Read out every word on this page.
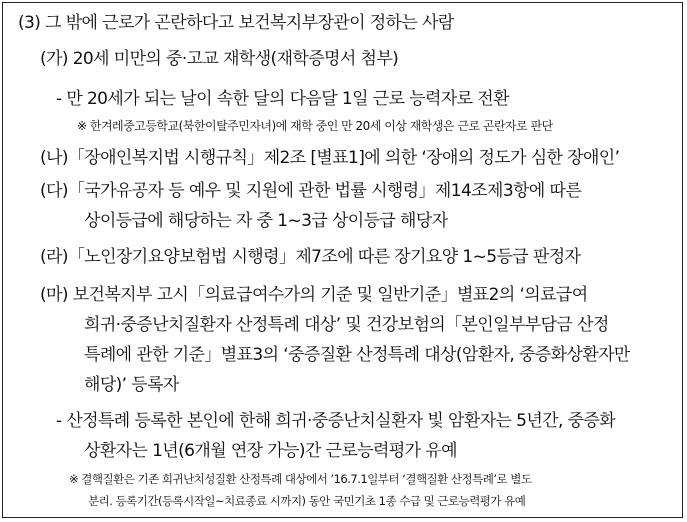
(3) 그 밖에 근로가 곤란하다고 보건복지부장관이 정하는 사람
(가) 20세 미만의 중·고교 재학생(재학증명서 첨부)
- 만 20세가 되는 날이 속한 달의 다음달 1일 근로 능력자로 전환
※ 한겨레중고등학교(북한이탈주민자녀)에 재학 중인 만 20세 이상 재학생은 근로 곤란자로 판단
(나)「장애인복지법 시행규칙」제2조 [별표1]에 의한 ‘장애의 정도가 심한 장애인’
(다)「국가유공자 등 예우 및 지원에 관한 법률 시행령」제14조제3항에 따른
상이등급에 해당하는 자 중 1~3급 상이등급 해당자
(라)「노인장기요양보험법 시행령」제7조에 따른 장기요양 1~5등급 판정자
(마) 보건복지부 고시「의료급여수가의 기준 및 일반기준」별표2의 ‘의료급여
희귀·중증난치질환자 산정특례 대상’ 및 건강보험의「본인일부부담금 산정
특례에 관한 기준」별표3의 ‘중증질환 산정특례 대상(암환자, 중증화상환자만
해당)’ 등록자
- 산정특례 등록한 본인에 한해 희귀·중증난치실환자 빛 암환자는 5년간, 중증화
상환자는 1년(6개월 연장 가능)간 근로능력평가 유예
※ 결핵질환은 기존 희귀난치성질환 산정특례 대상에서 ’16.7.1일부터 ‘결핵질환 산정특례’로 별도
분리. 등록기간(등록시작일~치료종료 시까지) 동안 국민기초 1종 수급 및 근로능력평가 유예
